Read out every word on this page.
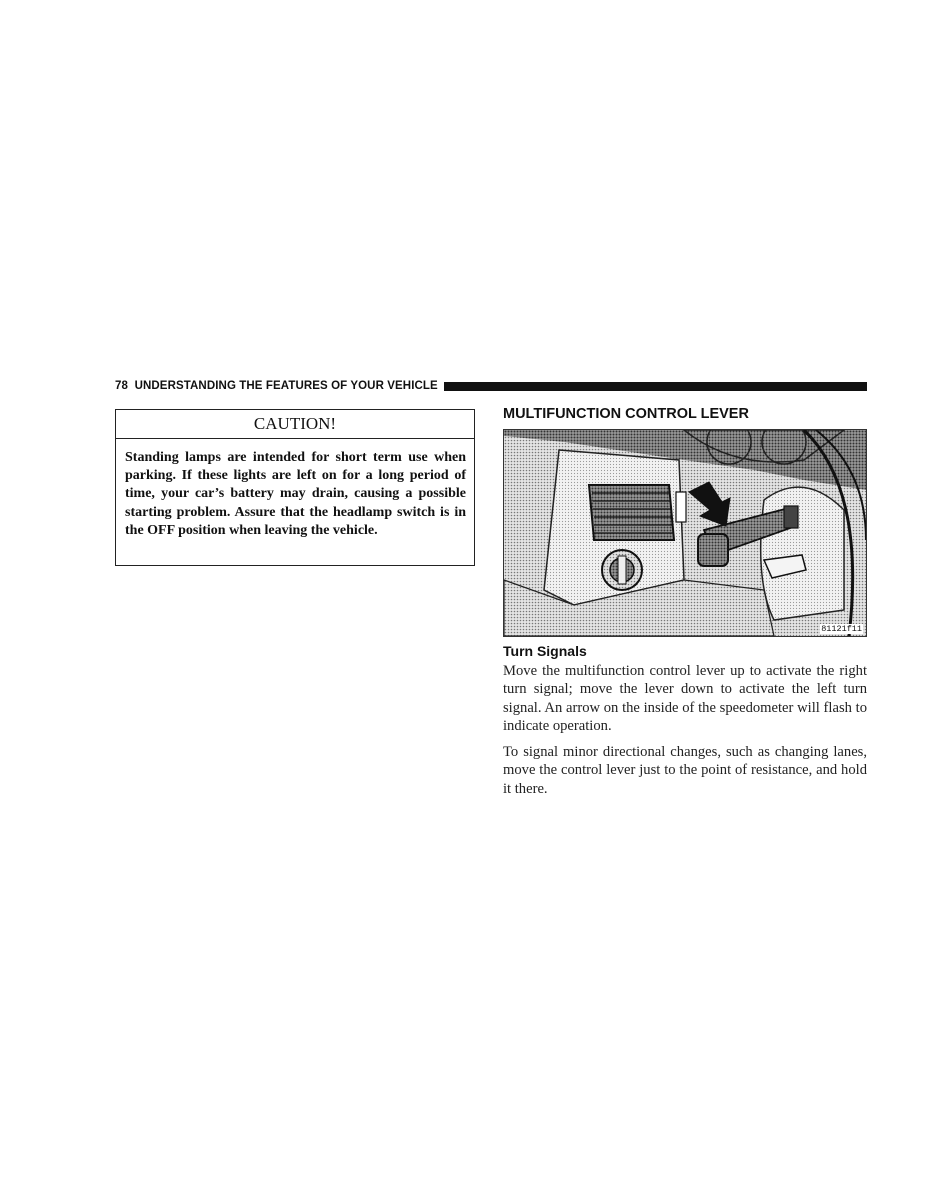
78 UNDERSTANDING THE FEATURES OF YOUR VEHICLE
CAUTION!
Standing lamps are intended for short term use when parking. If these lights are left on for a long period of time, your car’s battery may drain, causing a possible starting problem. Assure that the headlamp switch is in the OFF position when leaving the vehicle.
MULTIFUNCTION CONTROL LEVER
81121f11
Turn Signals

Move the multifunction control lever up to activate the right turn signal; move the lever down to activate the left turn signal. An arrow on the inside of the speedometer will flash to indicate operation.

To signal minor directional changes, such as changing lanes, move the control lever just to the point of resistance, and hold it there.
